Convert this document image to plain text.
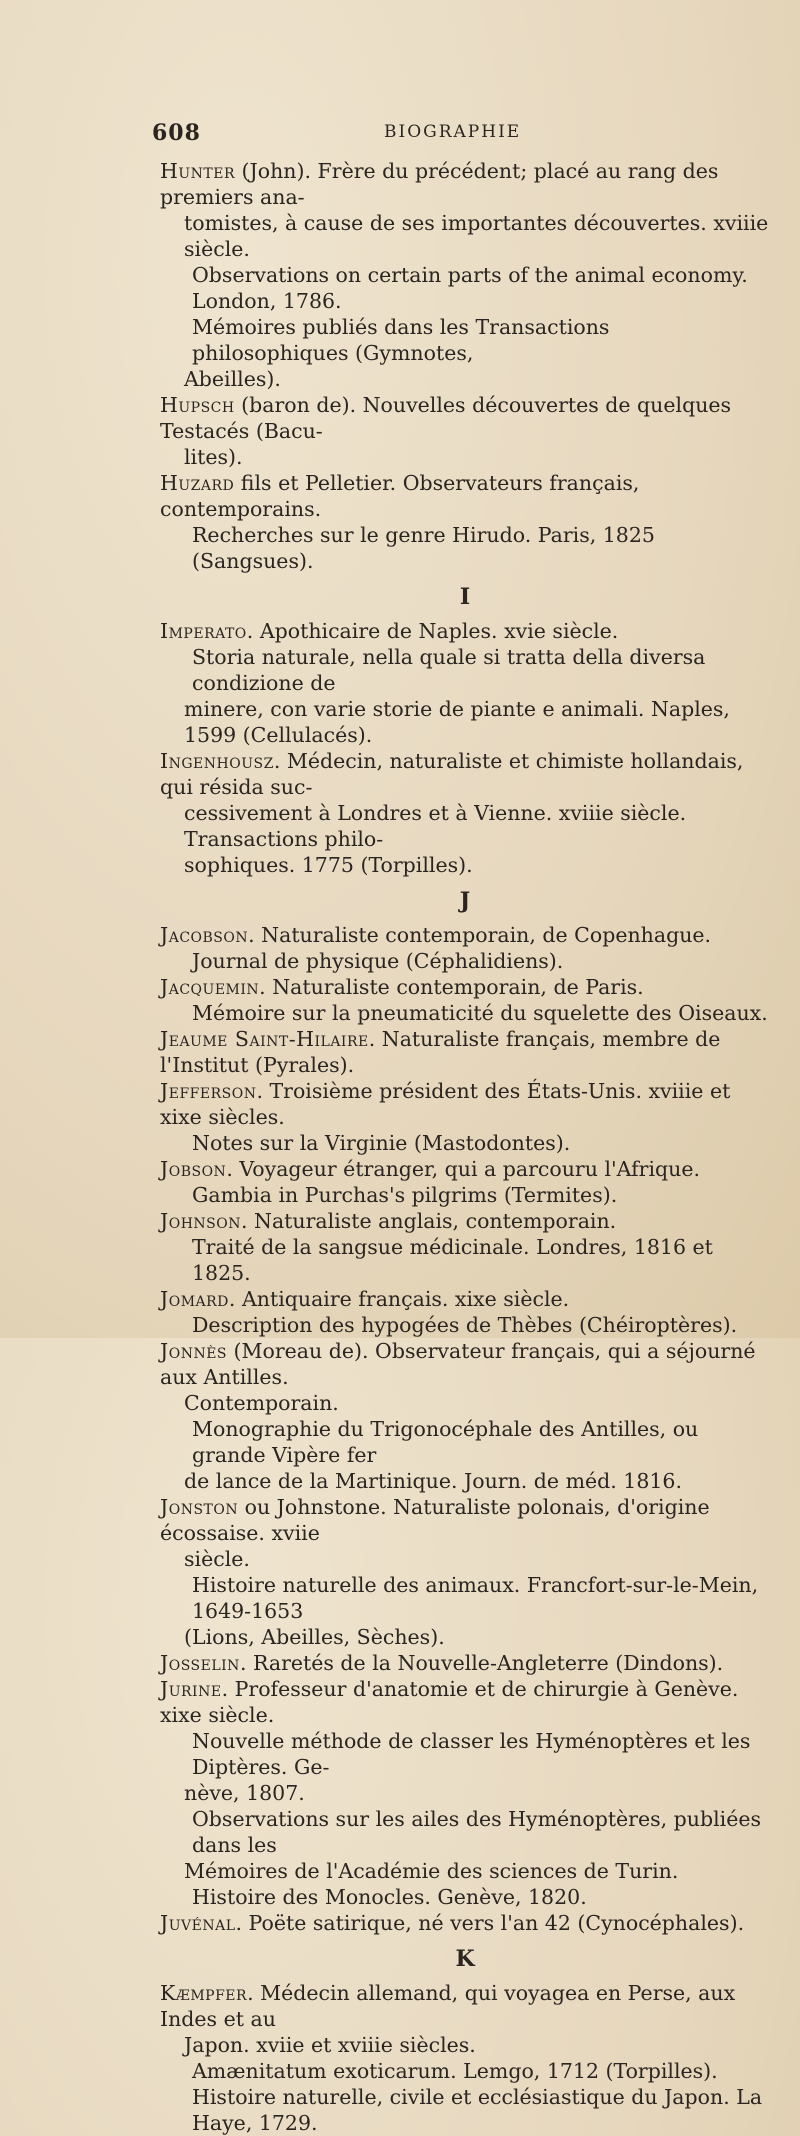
608	BIOGRAPHIE
Hunter (John). Frère du précédent; placé au rang des premiers ana-
tomistes, à cause de ses importantes découvertes. xviiie siècle.
Observations on certain parts of the animal economy. London, 1786.
Mémoires publiés dans les Transactions philosophiques (Gymnotes,
Abeilles).
Hupsch (baron de). Nouvelles découvertes de quelques Testacés (Bacu-
lites).
Huzard fils et Pelletier. Observateurs français, contemporains.
Recherches sur le genre Hirudo. Paris, 1825 (Sangsues).
I
Imperato. Apothicaire de Naples. xvie siècle.
Storia naturale, nella quale si tratta della diversa condizione de
minere, con varie storie de piante e animali. Naples, 1599 (Cellulacés).
Ingenhousz. Médecin, naturaliste et chimiste hollandais, qui résida suc-
cessivement à Londres et à Vienne. xviiie siècle. Transactions philo-
sophiques. 1775 (Torpilles).
J
Jacobson. Naturaliste contemporain, de Copenhague.
Journal de physique (Céphalidiens).
Jacquemin. Naturaliste contemporain, de Paris.
Mémoire sur la pneumaticité du squelette des Oiseaux.
Jeaume Saint-Hilaire. Naturaliste français, membre de l'Institut (Pyrales).
Jefferson. Troisième président des États-Unis. xviiie et xixe siècles.
Notes sur la Virginie (Mastodontes).
Jobson. Voyageur étranger, qui a parcouru l'Afrique.
Gambia in Purchas's pilgrims (Termites).
Johnson. Naturaliste anglais, contemporain.
Traité de la sangsue médicinale. Londres, 1816 et 1825.
Jomard. Antiquaire français. xixe siècle.
Description des hypogées de Thèbes (Chéiroptères).
Jonnès (Moreau de). Observateur français, qui a séjourné aux Antilles.
Contemporain.
Monographie du Trigonocéphale des Antilles, ou grande Vipère fer
de lance de la Martinique. Journ. de méd. 1816.
Jonston ou Johnstone. Naturaliste polonais, d'origine écossaise. xviie
siècle.
Histoire naturelle des animaux. Francfort-sur-le-Mein, 1649-1653
(Lions, Abeilles, Sèches).
Josselin. Raretés de la Nouvelle-Angleterre (Dindons).
Jurine. Professeur d'anatomie et de chirurgie à Genève. xixe siècle.
Nouvelle méthode de classer les Hyménoptères et les Diptères. Ge-
nève, 1807.
Observations sur les ailes des Hyménoptères, publiées dans les
Mémoires de l'Académie des sciences de Turin.
Histoire des Monocles. Genève, 1820.
Juvénal. Poëte satirique, né vers l'an 42 (Cynocéphales).
K
Kæmpfer. Médecin allemand, qui voyagea en Perse, aux Indes et au
Japon. xviie et xviiie siècles.
Amænitatum exoticarum. Lemgo, 1712 (Torpilles).
Histoire naturelle, civile et ecclésiastique du Japon. La Haye, 1729.
